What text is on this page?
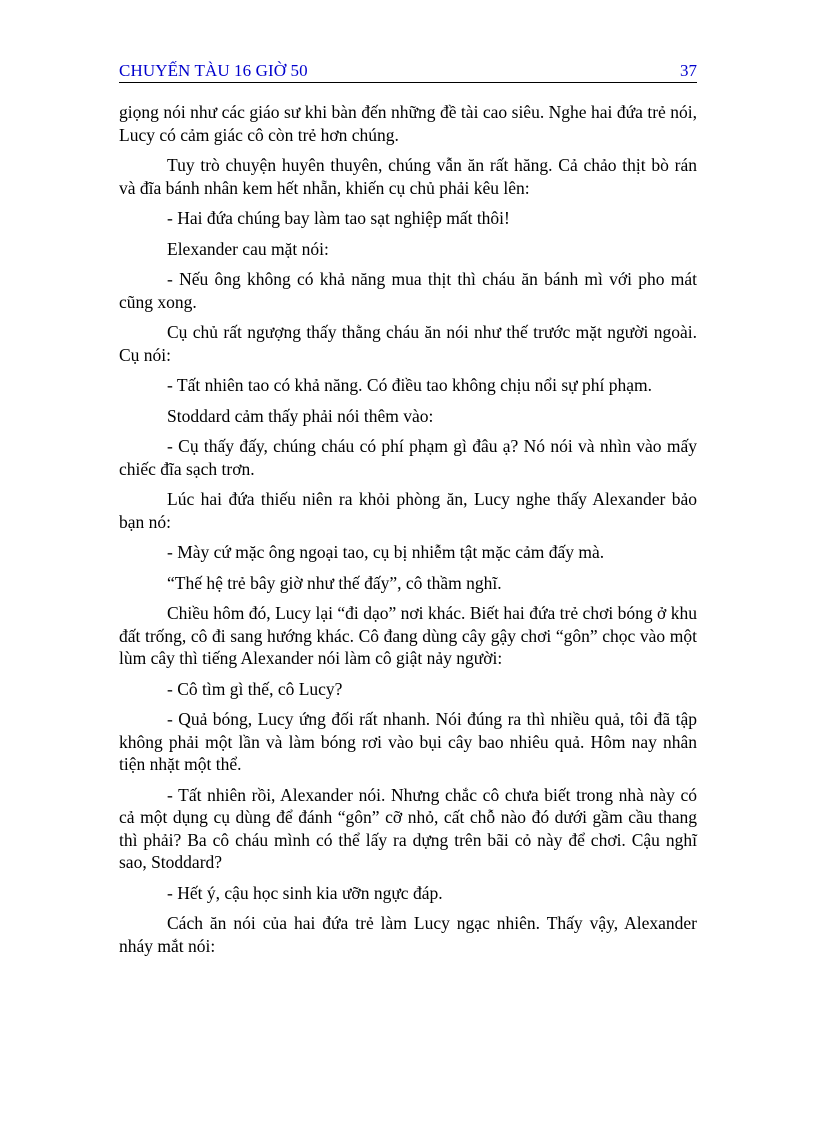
CHUYẾN TÀU 16 GIỜ 50	37

giọng nói như các giáo sư khi bàn đến những đề tài cao siêu. Nghe hai đứa trẻ nói, Lucy có cảm giác cô còn trẻ hơn chúng.

Tuy trò chuyện huyên thuyên, chúng vẫn ăn rất hăng. Cả chảo thịt bò rán và đĩa bánh nhân kem hết nhẵn, khiến cụ chủ phải kêu lên:

- Hai đứa chúng bay làm tao sạt nghiệp mất thôi!

Elexander cau mặt nói:

- Nếu ông không có khả năng mua thịt thì cháu ăn bánh mì với pho mát cũng xong.

Cụ chủ rất ngượng thấy thằng cháu ăn nói như thế trước mặt người ngoài. Cụ nói:

- Tất nhiên tao có khả năng. Có điều tao không chịu nổi sự phí phạm.

Stoddard cảm thấy phải nói thêm vào:

- Cụ thấy đấy, chúng cháu có phí phạm gì đâu ạ? Nó nói và nhìn vào mấy chiếc đĩa sạch trơn.

Lúc hai đứa thiếu niên ra khỏi phòng ăn, Lucy nghe thấy Alexander bảo bạn nó:

- Mày cứ mặc ông ngoại tao, cụ bị nhiễm tật mặc cảm đấy mà.

“Thế hệ trẻ bây giờ như thế đấy”, cô thầm nghĩ.

Chiều hôm đó, Lucy lại “đi dạo” nơi khác. Biết hai đứa trẻ chơi bóng ở khu đất trống, cô đi sang hướng khác. Cô đang dùng cây gậy chơi “gôn” chọc vào một lùm cây thì tiếng Alexander nói làm cô giật nảy người:

- Cô tìm gì thế, cô Lucy?

- Quả bóng, Lucy ứng đối rất nhanh. Nói đúng ra thì nhiều quả, tôi đã tập không phải một lần và làm bóng rơi vào bụi cây bao nhiêu quả. Hôm nay nhân tiện nhặt một thể.

- Tất nhiên rồi, Alexander nói. Nhưng chắc cô chưa biết trong nhà này có cả một dụng cụ dùng để đánh “gôn” cỡ nhỏ, cất chỗ nào đó dưới gầm cầu thang thì phải? Ba cô cháu mình có thể lấy ra dựng trên bãi cỏ này để chơi. Cậu nghĩ sao, Stoddard?

- Hết ý, cậu học sinh kia ưỡn ngực đáp.

Cách ăn nói của hai đứa trẻ làm Lucy ngạc nhiên. Thấy vậy, Alexander nháy mắt nói:
